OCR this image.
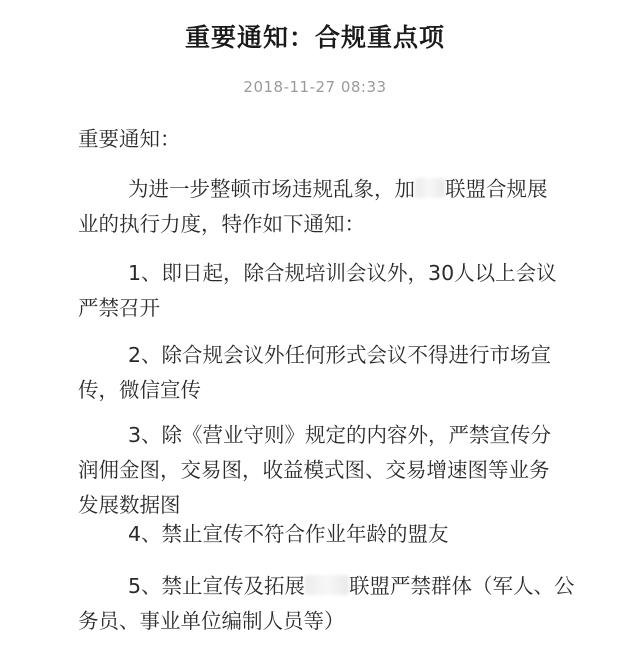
重要通知：合规重点项
2018-11-27 08:33
重要通知：
为进一步整顿市场违规乱象，加 联盟合规展
业的执行力度，特作如下通知：
1、即日起，除合规培训会议外，30人以上会议
严禁召开
2、除合规会议外任何形式会议不得进行市场宣
传，微信宣传
3、除《营业守则》规定的内容外，严禁宣传分
润佣金图，交易图，收益模式图、交易增速图等业务
发展数据图
4、禁止宣传不符合作业年龄的盟友
5、禁止宣传及拓展 联盟严禁群体（军人、公
务员、事业单位编制人员等）
